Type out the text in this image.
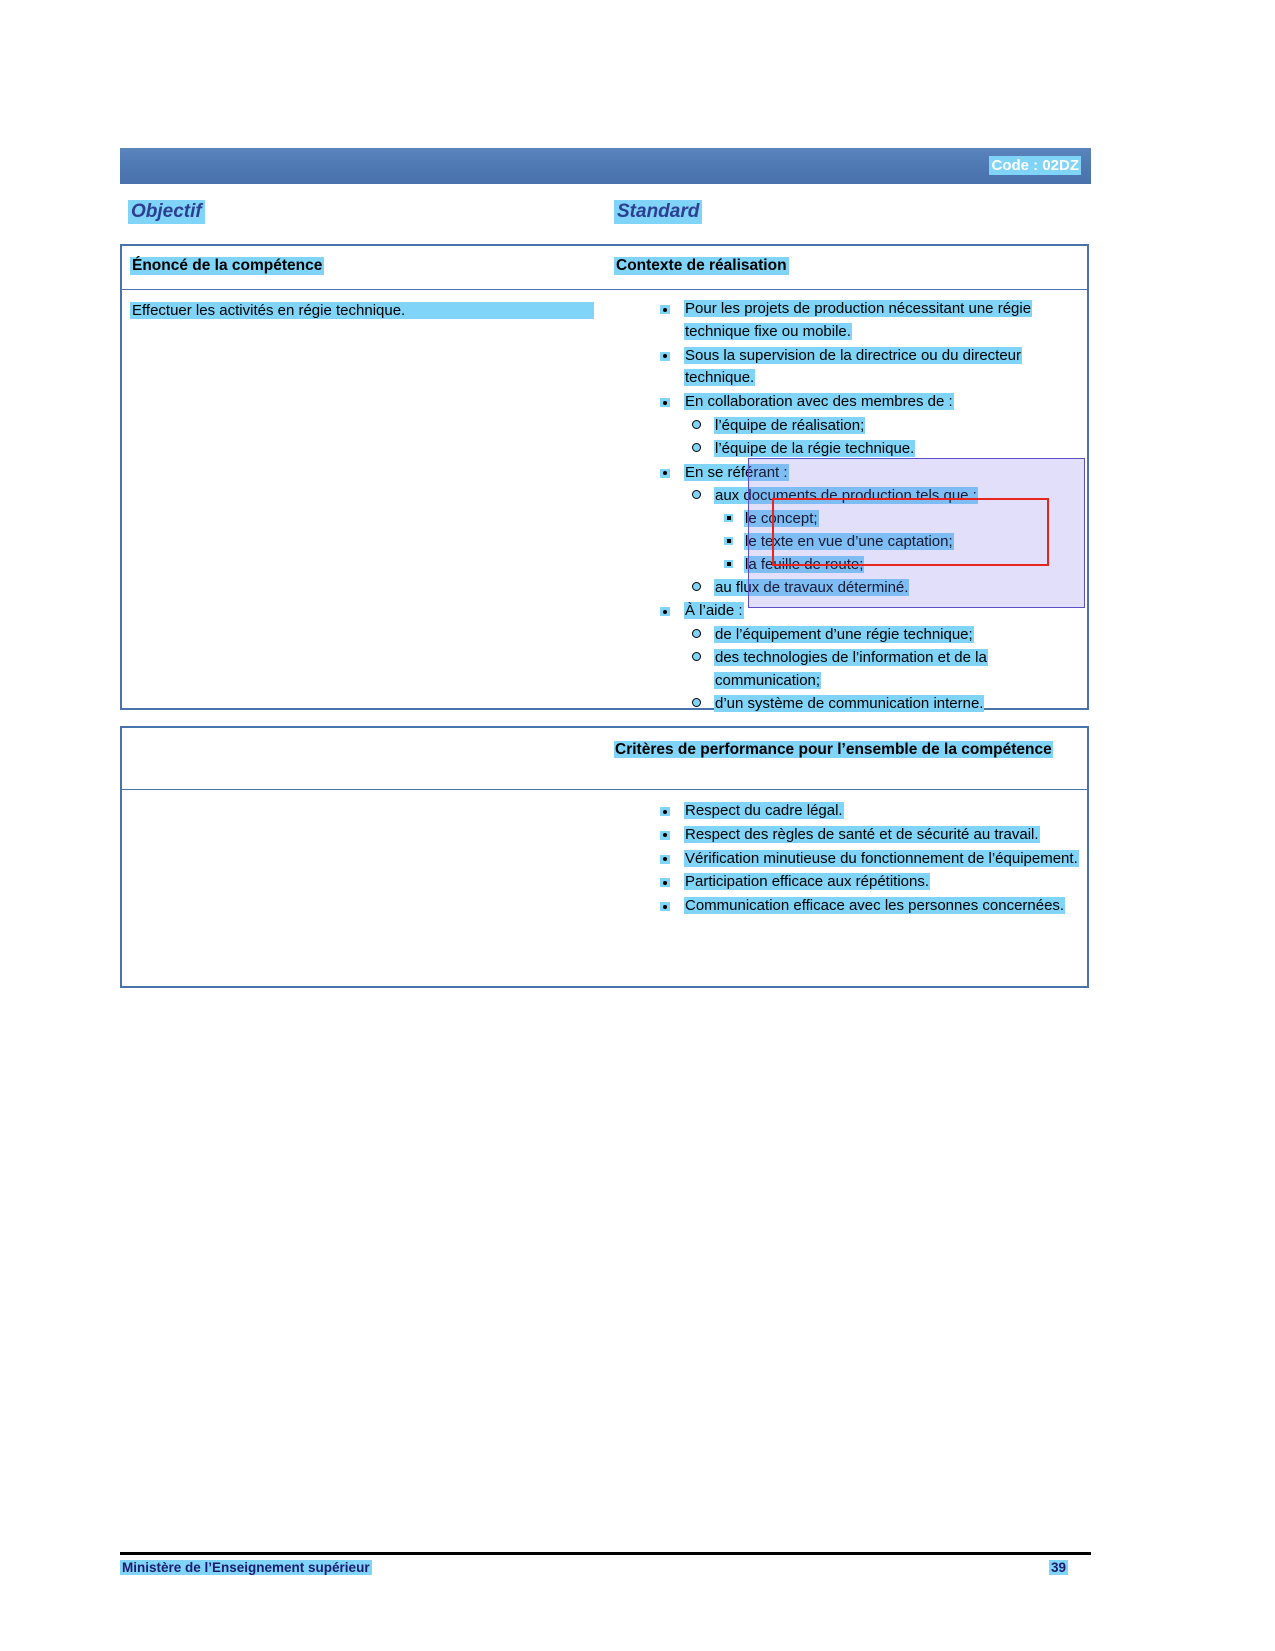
Code : 02DZ
Objectif	Standard
Énoncé de la compétence	Contexte de réalisation
Effectuer les activités en régie technique.	Pour les projets de production nécessitant une régie technique fixe ou mobile.
Sous la supervision de la directrice ou du directeur technique.
En collaboration avec des membres de :
l’équipe de réalisation;
l’équipe de la régie technique.
En se référant :
aux documents de production tels que :
le concept;
le texte en vue d’une captation;
la feuille de route;
au flux de travaux déterminé.
À l’aide :
de l’équipement d’une régie technique;
des technologies de l’information et de la communication;
d’un système de communication interne.
Critères de performance pour l’ensemble de la compétence
Respect du cadre légal.
Respect des règles de santé et de sécurité au travail.
Vérification minutieuse du fonctionnement de l’équipement.
Participation efficace aux répétitions.
Communication efficace avec les personnes concernées.
Ministère de l’Enseignement supérieur	39
